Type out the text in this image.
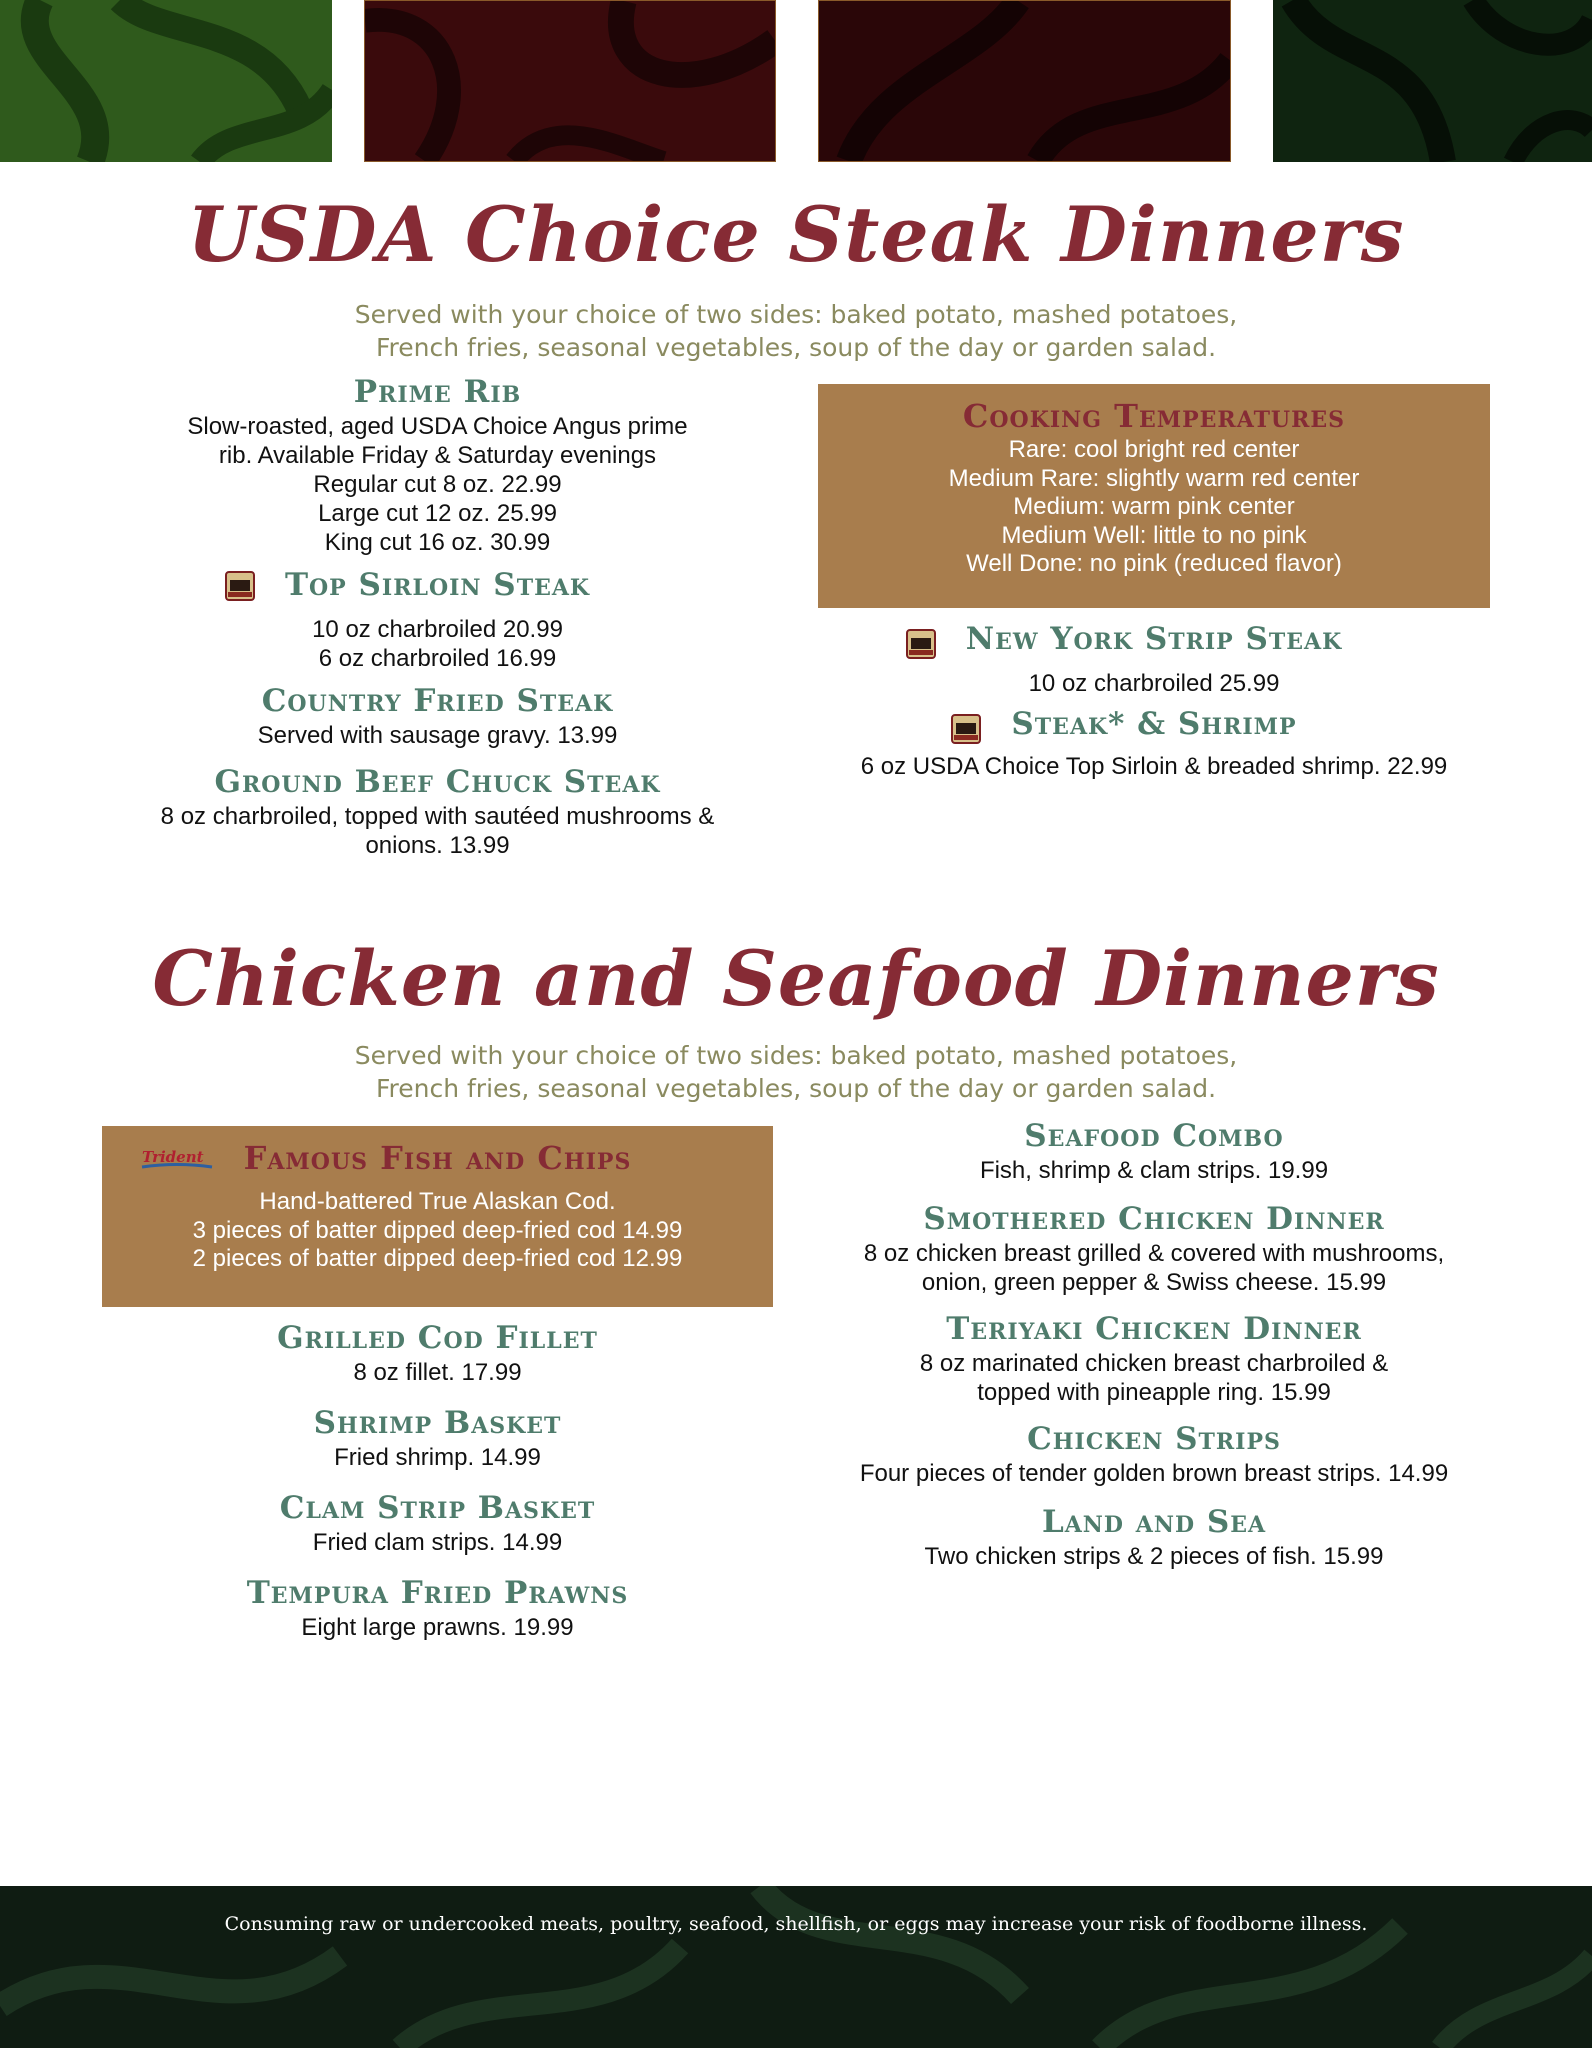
USDA Choice Steak Dinners
Served with your choice of two sides: baked potato, mashed potatoes,
French fries, seasonal vegetables, soup of the day or garden salad.
Prime Rib
Slow-roasted, aged USDA Choice Angus prime
rib. Available Friday & Saturday evenings
Regular cut 8 oz. 22.99
Large cut 12 oz. 25.99
King cut 16 oz. 30.99
Top Sirloin Steak
10 oz charbroiled 20.99
6 oz charbroiled 16.99
Country Fried Steak
Served with sausage gravy. 13.99
Ground Beef Chuck Steak
8 oz charbroiled, topped with sautéed mushrooms &
onions. 13.99
Cooking Temperatures
Rare: cool bright red center
Medium Rare: slightly warm red center
Medium: warm pink center
Medium Well: little to no pink
Well Done: no pink (reduced flavor)
New York Strip Steak
10 oz charbroiled 25.99
Steak* & Shrimp
6 oz USDA Choice Top Sirloin & breaded shrimp. 22.99
Chicken and Seafood Dinners
Served with your choice of two sides: baked potato, mashed potatoes,
French fries, seasonal vegetables, soup of the day or garden salad.
Trident Famous Fish and Chips
Hand-battered True Alaskan Cod.
3 pieces of batter dipped deep-fried cod 14.99
2 pieces of batter dipped deep-fried cod 12.99
Grilled Cod Fillet
8 oz fillet. 17.99
Shrimp Basket
Fried shrimp. 14.99
Clam Strip Basket
Fried clam strips. 14.99
Tempura Fried Prawns
Eight large prawns. 19.99
Seafood Combo
Fish, shrimp & clam strips. 19.99
Smothered Chicken Dinner
8 oz chicken breast grilled & covered with mushrooms,
onion, green pepper & Swiss cheese. 15.99
Teriyaki Chicken Dinner
8 oz marinated chicken breast charbroiled &
topped with pineapple ring. 15.99
Chicken Strips
Four pieces of tender golden brown breast strips. 14.99
Land and Sea
Two chicken strips & 2 pieces of fish. 15.99
Consuming raw or undercooked meats, poultry, seafood, shellfish, or eggs may increase your risk of foodborne illness.
